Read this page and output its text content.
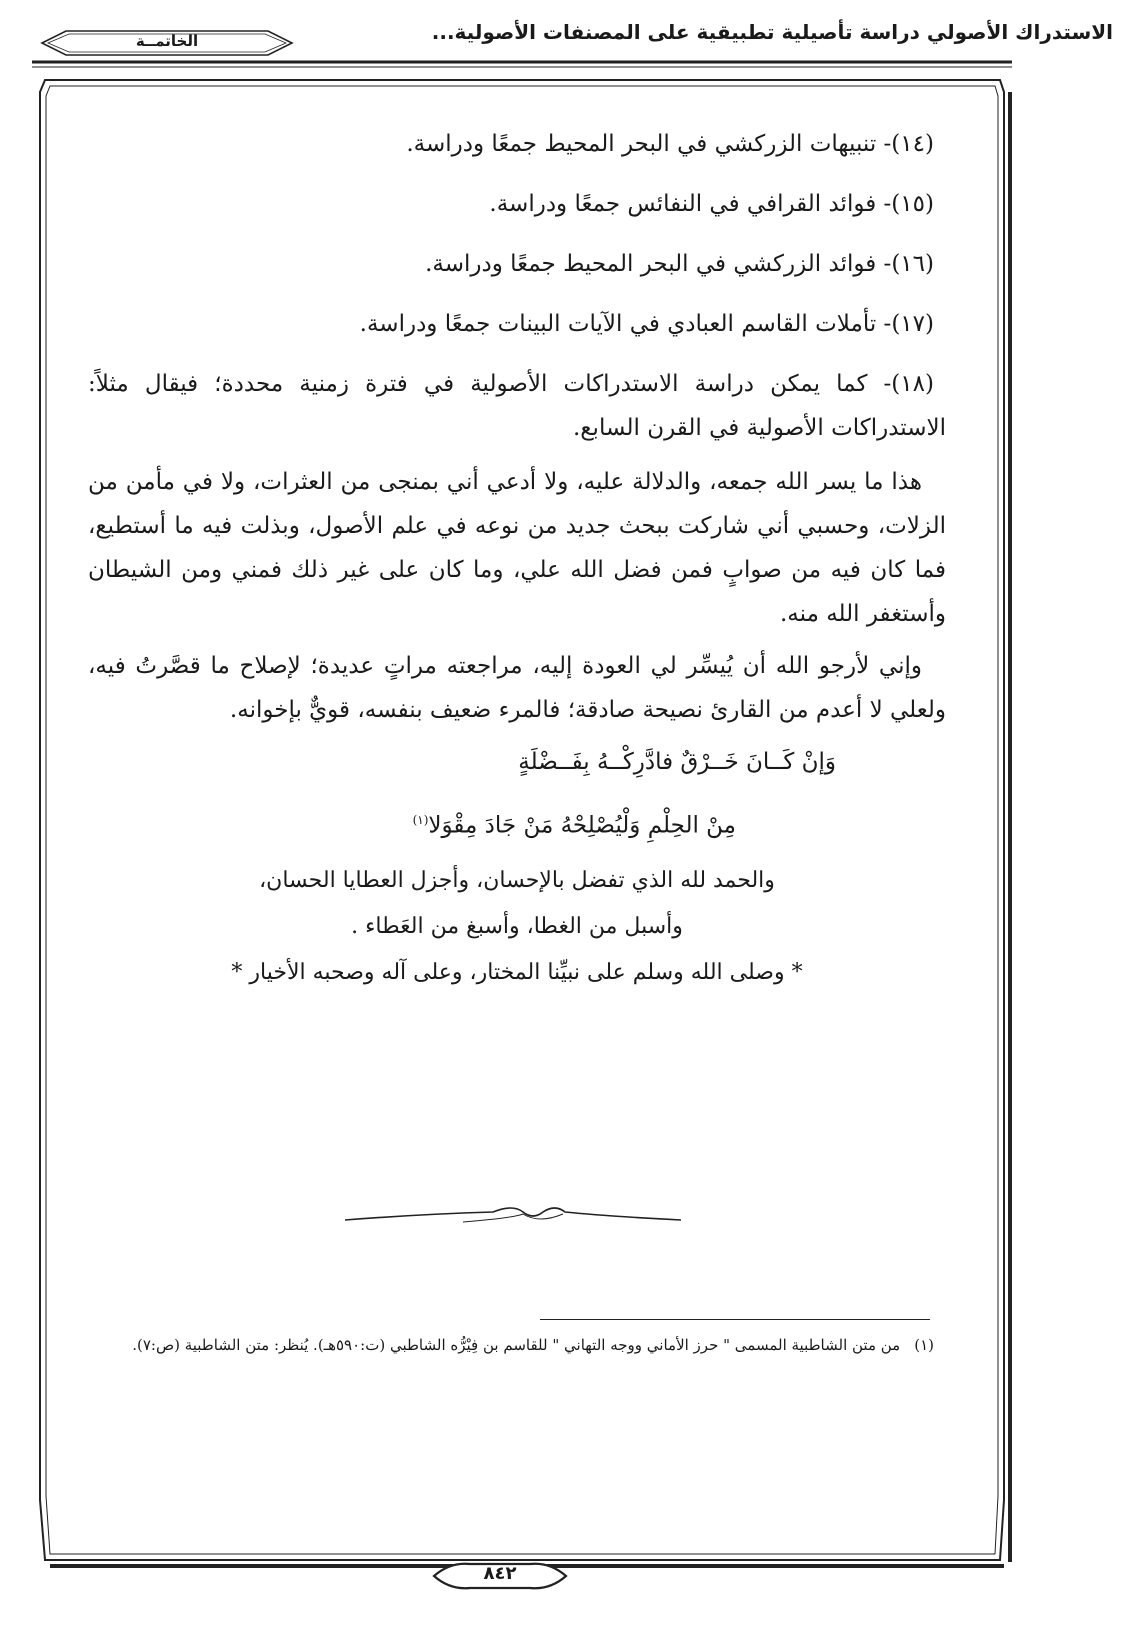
الاستدراك الأصولي دراسة تأصيلية تطبيقية على المصنفات الأصولية...
الخاتمــة
(١٤)- تنبيهات الزركشي في البحر المحيط جمعًا ودراسة.
(١٥)- فوائد القرافي في النفائس جمعًا ودراسة.
(١٦)- فوائد الزركشي في البحر المحيط جمعًا ودراسة.
(١٧)- تأملات القاسم العبادي في الآيات البينات جمعًا ودراسة.
(١٨)- كما يمكن دراسة الاستدراكات الأصولية في فترة زمنية محددة؛ فيقال مثلاً: الاستدراكات الأصولية في القرن السابع.

هذا ما يسر الله جمعه، والدلالة عليه، ولا أدعي أني بمنجى من العثرات، ولا في مأمن من الزلات، وحسبي أني شاركت ببحث جديد من نوعه في علم الأصول، وبذلت فيه ما أستطيع، فما كان فيه من صوابٍ فمن فضل الله علي، وما كان على غير ذلك فمني ومن الشيطان وأستغفر الله منه.

وإني لأرجو الله أن يُيسِّر لي العودة إليه، مراجعته مراتٍ عديدة؛ لإصلاح ما قصَّرتُ فيه، ولعلي لا أعدم من القارئ نصيحة صادقة؛ فالمرء ضعيف بنفسه، قويٌّ بإخوانه.

وَإنْ كَــانَ خَــرْقٌ فادَّرِكْــهُ بِفَــضْلَةٍ
مِنْ الحِلْمِ وَلْيُصْلِحْهُ مَنْ جَادَ مِقْوَلا$^{(١)}$
والحمد لله الذي تفضل بالإحسان، وأجزل العطايا الحسان،
وأسبل من الغطا، وأسبغ من العَطاء .
* وصلى الله وسلم على نبيِّنا المختار، وعلى آله وصحبه الأخيار *
(١)من متن الشاطبية المسمى " حرز الأماني ووجه التهاني " للقاسم بن فِيْرُّه الشاطبي (ت:٥٩٠هـ). يُنظر: متن الشاطبية (ص:٧).
٨٤٢
